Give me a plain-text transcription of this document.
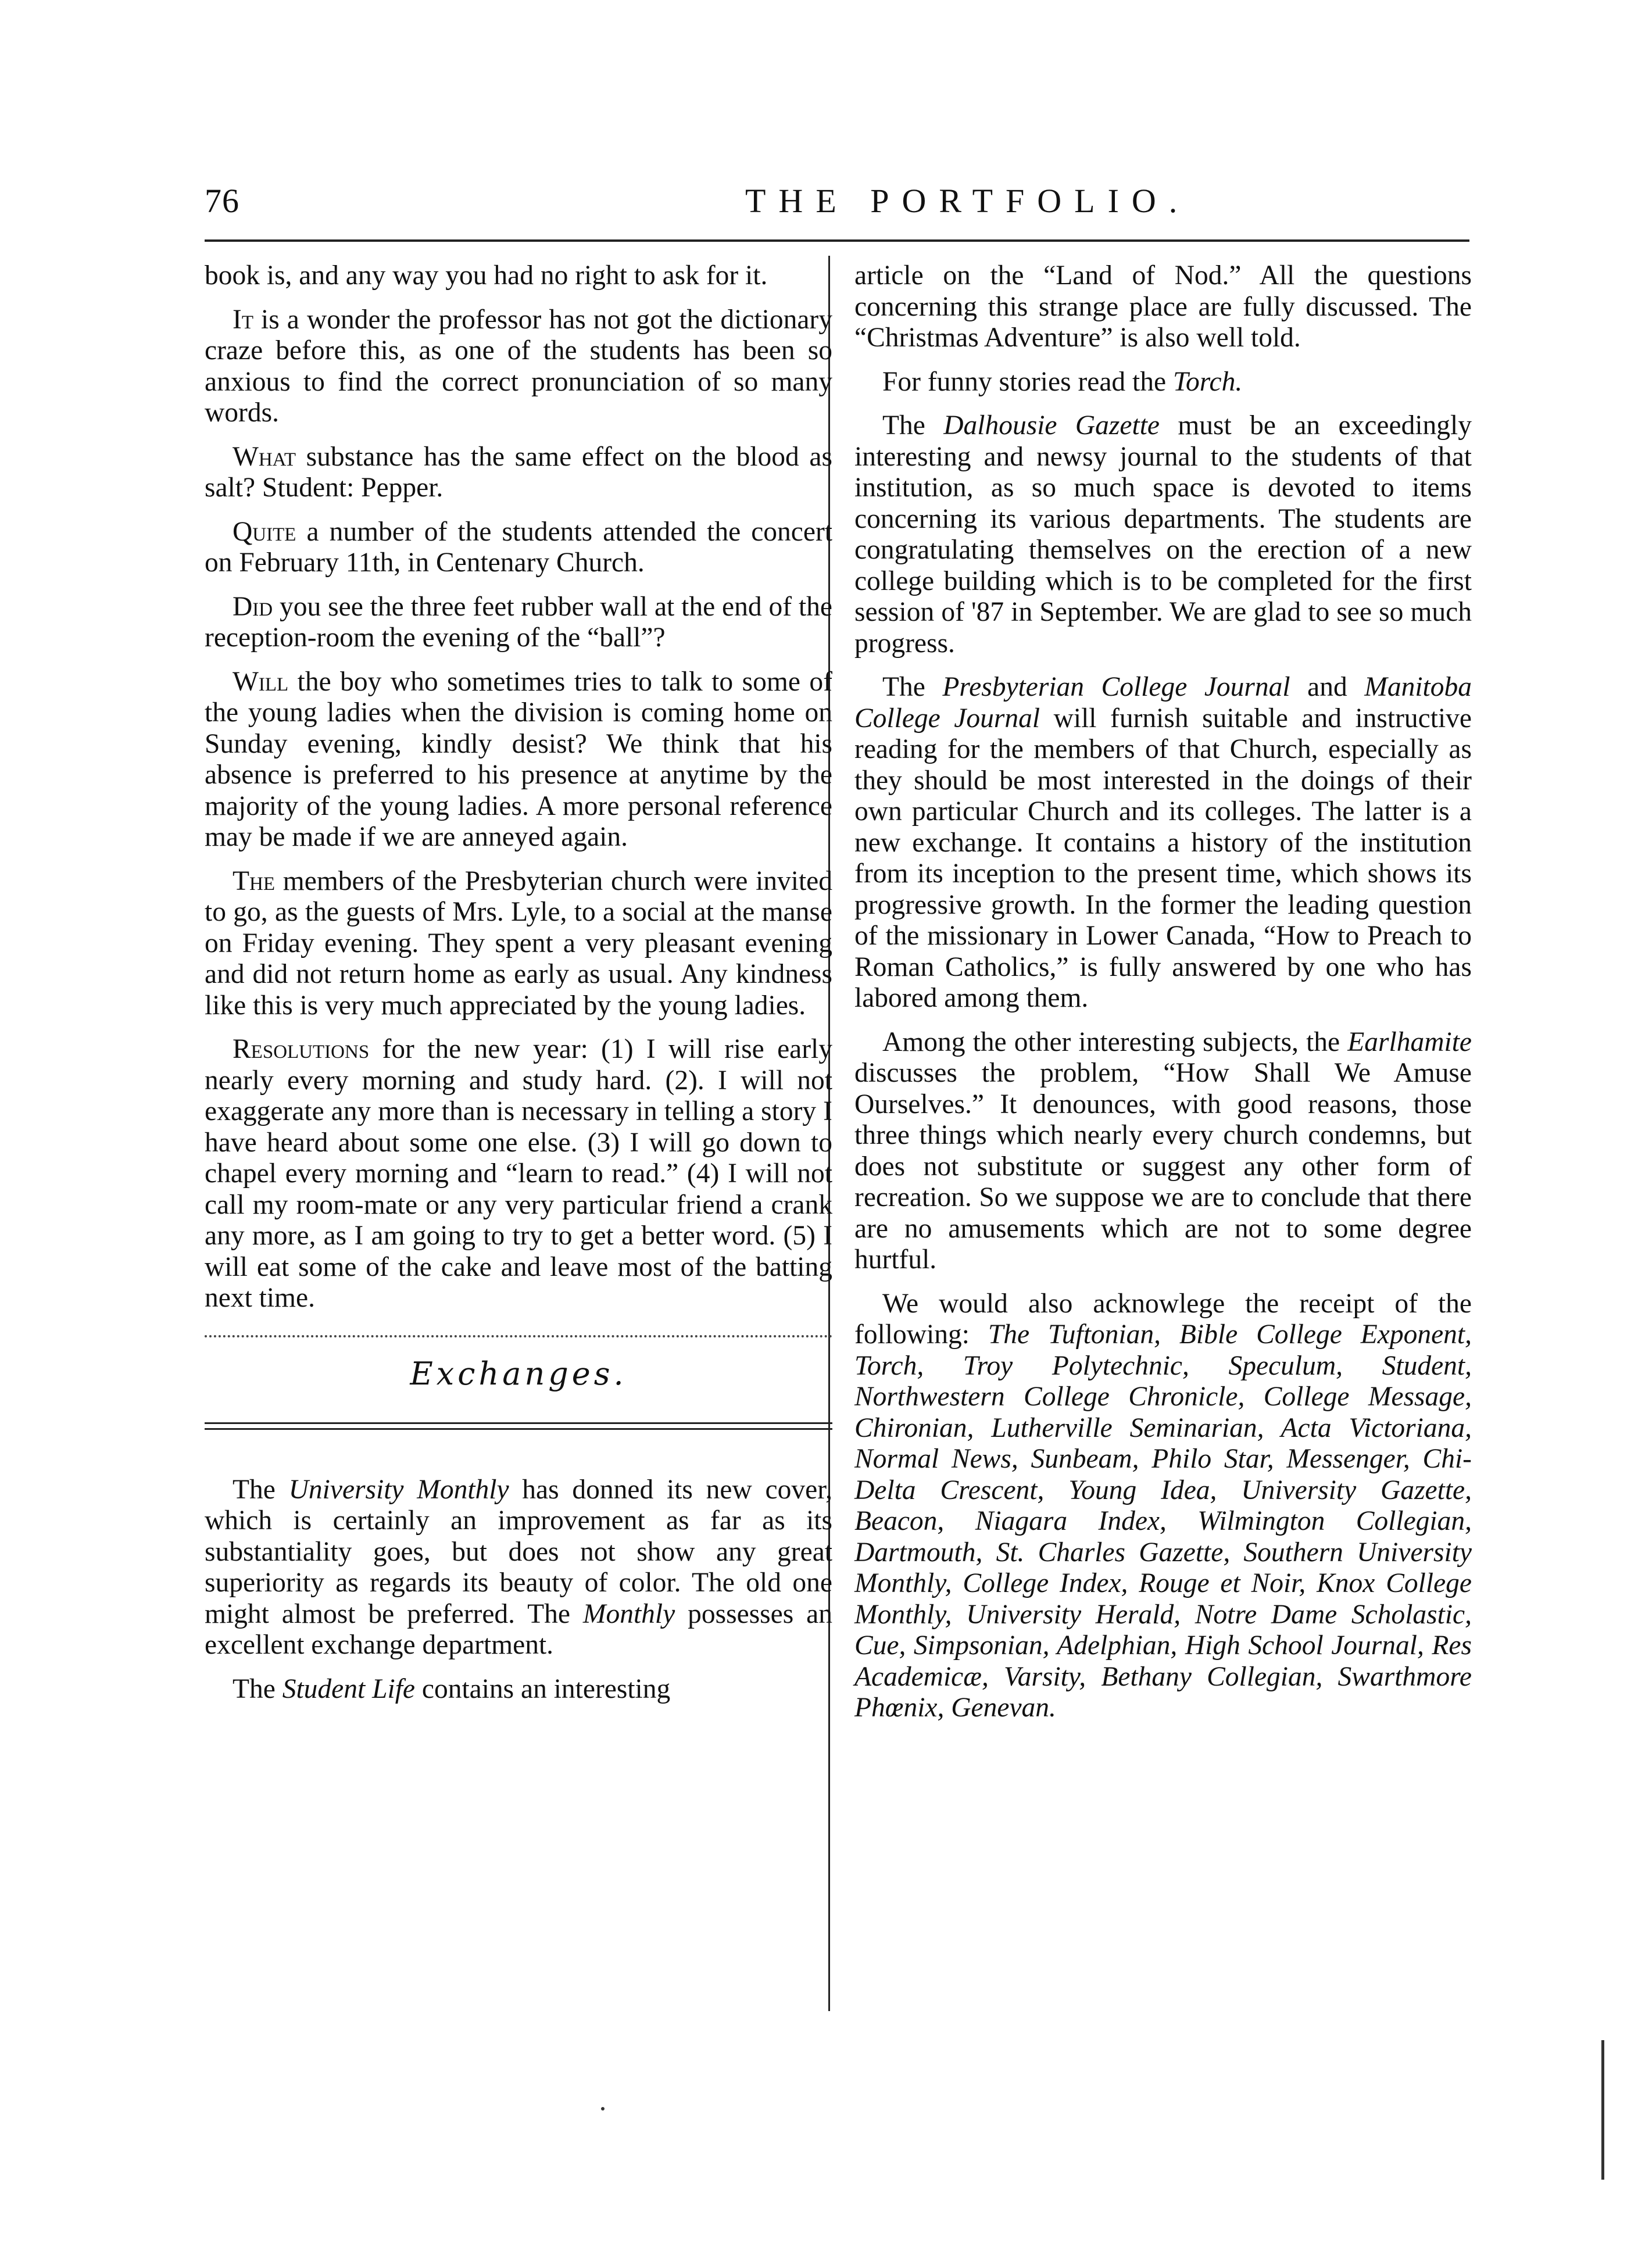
76	THE PORTFOLIO.

book is, and any way you had no right to ask for it.

It is a wonder the professor has not got the dictionary craze before this, as one of the students has been so anxious to find the correct pronunciation of so many words.

What substance has the same effect on the blood as salt? Student: Pepper.

Quite a number of the students attended the concert on February 11th, in Centenary Church.

Did you see the three feet rubber wall at the end of the reception-room the evening of the “ball”?

Will the boy who sometimes tries to talk to some of the young ladies when the division is coming home on Sunday evening, kindly desist? We think that his absence is preferred to his presence at anytime by the majority of the young ladies. A more personal reference may be made if we are anneyed again.

The members of the Presbyterian church were invited to go, as the guests of Mrs. Lyle, to a social at the manse on Friday evening. They spent a very pleasant evening and did not return home as early as usual. Any kindness like this is very much appreciated by the young ladies.

Resolutions for the new year: (1) I will rise early nearly every morning and study hard. (2). I will not exaggerate any more than is necessary in telling a story I have heard about some one else. (3) I will go down to chapel every morning and “learn to read.” (4) I will not call my room-mate or any very particular friend a crank any more, as I am going to try to get a better word. (5) I will eat some of the cake and leave most of the batting next time.

Exchanges.

The University Monthly has donned its new cover, which is certainly an improvement as far as its substantiality goes, but does not show any great superiority as regards its beauty of color. The old one might almost be preferred. The Monthly possesses an excellent exchange department.

The Student Life contains an interesting

article on the “Land of Nod.” All the questions concerning this strange place are fully discussed. The “Christmas Adventure” is also well told.

For funny stories read the Torch.

The Dalhousie Gazette must be an exceedingly interesting and newsy journal to the students of that institution, as so much space is devoted to items concerning its various departments. The students are congratulating themselves on the erection of a new college building which is to be completed for the first session of '87 in September. We are glad to see so much progress.

The Presbyterian College Journal and Manitoba College Journal will furnish suitable and instructive reading for the members of that Church, especially as they should be most interested in the doings of their own particular Church and its colleges. The latter is a new exchange. It contains a history of the institution from its inception to the present time, which shows its progressive growth. In the former the leading question of the missionary in Lower Canada, “How to Preach to Roman Catholics,” is fully answered by one who has labored among them.

Among the other interesting subjects, the Earlhamite discusses the problem, “How Shall We Amuse Ourselves.” It denounces, with good reasons, those three things which nearly every church condemns, but does not substitute or suggest any other form of recreation. So we suppose we are to conclude that there are no amusements which are not to some degree hurtful.

We would also acknowlege the receipt of the following: The Tuftonian, Bible College Exponent, Torch, Troy Polytechnic, Speculum, Student, Northwestern College Chronicle, College Message, Chironian, Lutherville Seminarian, Acta Victoriana, Normal News, Sunbeam, Philo Star, Messenger, Chi-Delta Crescent, Young Idea, University Gazette, Beacon, Niagara Index, Wilmington Collegian, Dartmouth, St. Charles Gazette, Southern University Monthly, College Index, Rouge et Noir, Knox College Monthly, University Herald, Notre Dame Scholastic, Cue, Simpsonian, Adelphian, High School Journal, Res Academicæ, Varsity, Bethany Collegian, Swarthmore Phœnix, Genevan.
